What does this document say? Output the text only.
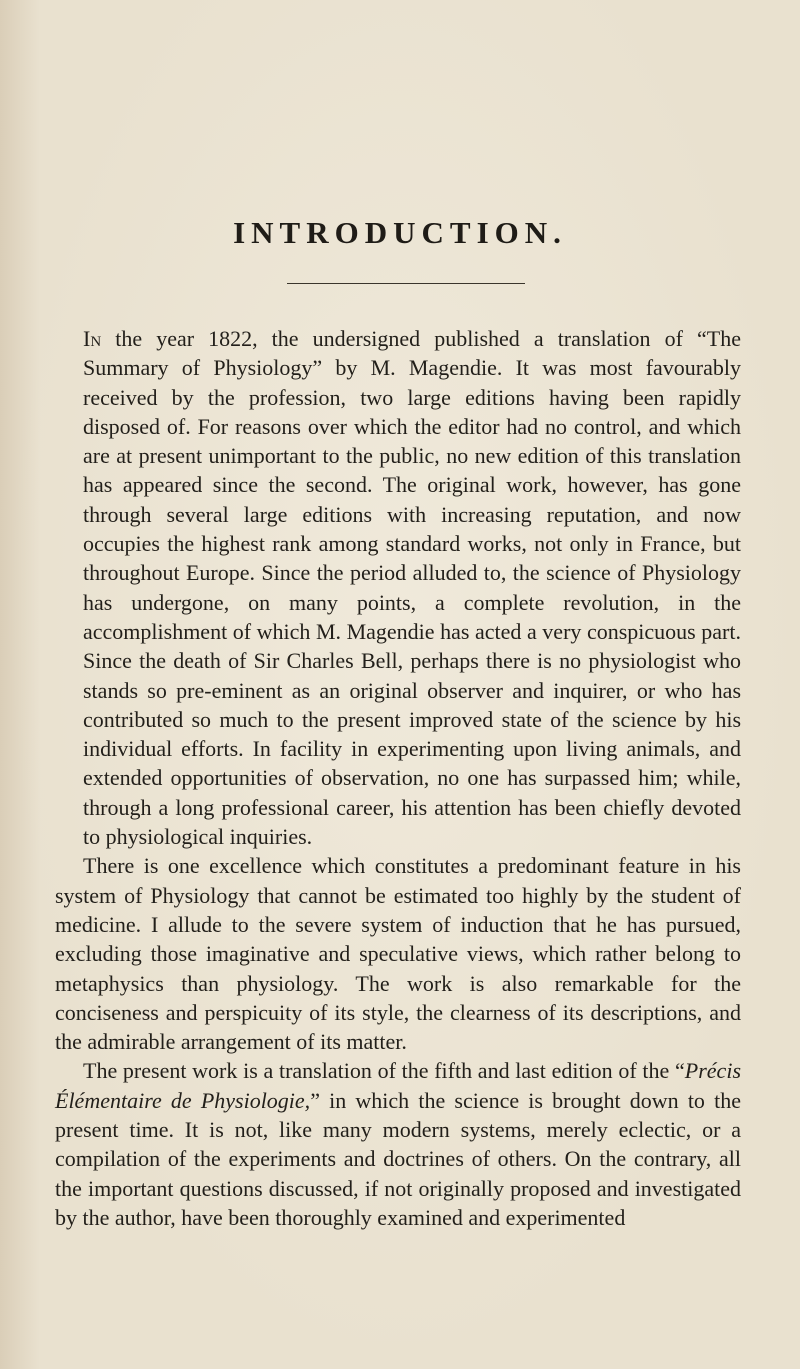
INTRODUCTION.

In the year 1822, the undersigned published a translation of “The Summary of Physiology” by M. Magendie. It was most favourably received by the profession, two large editions having been rapidly disposed of. For reasons over which the editor had no control, and which are at present unimportant to the public, no new edition of this translation has appeared since the second. The original work, however, has gone through several large editions with increasing reputation, and now occupies the highest rank among standard works, not only in France, but throughout Europe. Since the period alluded to, the science of Physiology has undergone, on many points, a complete revolution, in the accomplishment of which M. Magendie has acted a very conspicuous part. Since the death of Sir Charles Bell, perhaps there is no physiologist who stands so pre-eminent as an original observer and inquirer, or who has contributed so much to the present improved state of the science by his individual efforts. In facility in experimenting upon living animals, and extended opportunities of observation, no one has surpassed him; while, through a long professional career, his attention has been chiefly devoted to physiological inquiries.

There is one excellence which constitutes a predominant feature in his system of Physiology that cannot be estimated too highly by the student of medicine. I allude to the severe system of induction that he has pursued, excluding those imaginative and speculative views, which rather belong to metaphysics than physiology. The work is also remarkable for the conciseness and perspicuity of its style, the clearness of its descriptions, and the admirable arrangement of its matter.

The present work is a translation of the fifth and last edition of the “Précis Élémentaire de Physiologie,” in which the science is brought down to the present time. It is not, like many modern systems, merely eclectic, or a compilation of the experiments and doctrines of others. On the contrary, all the important questions discussed, if not originally proposed and investigated by the author, have been thoroughly examined and experimented
